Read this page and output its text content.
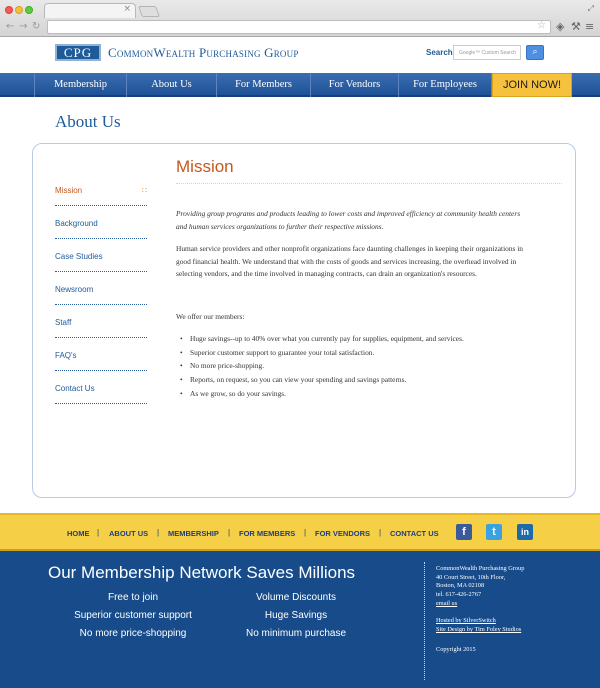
×	⤢
← → ↻	☆ ◈ ⚒ ≡
CPG	CommonWealth Purchasing Group	Search	Google™ Custom Search	⌕
Membership	About Us	For Members	For Vendors	For Employees	JOIN NOW!
About Us
Mission	∷
Background
Case Studies
Newsroom
Staff
FAQ's
Contact Us
Mission

Providing group programs and products leading to lower costs and improved efficiency at community health centers and human services organizations to further their respective missions.

Human service providers and other nonprofit organizations face daunting challenges in keeping their organizations in good financial health. We understand that with the costs of goods and services increasing, the overhead involved in selecting vendors, and the time involved in managing contracts, can drain an organization's resources.

We offer our members:

• Huge savings--up to 40% over what you currently pay for supplies, equipment, and services.
• Superior customer support to guarantee your total satisfaction.
• No more price-shopping.
• Reports, on request, so you can view your spending and savings patterns.
• As we grow, so do your savings.
HOME | ABOUT US | MEMBERSHIP | FOR MEMBERS | FOR VENDORS | CONTACT US	f	t	in
Our Membership Network Saves Millions
Free to join
Superior customer support
No more price-shopping
Volume Discounts
Huge Savings
No minimum purchase
CommonWealth Purchasing Group
40 Court Street, 10th Floor,
Boston, MA 02108
tel. 617-426-2767
email us
Hosted by SilverSwitch
Site Design by Tim Foley Studios
Copyright 2015
